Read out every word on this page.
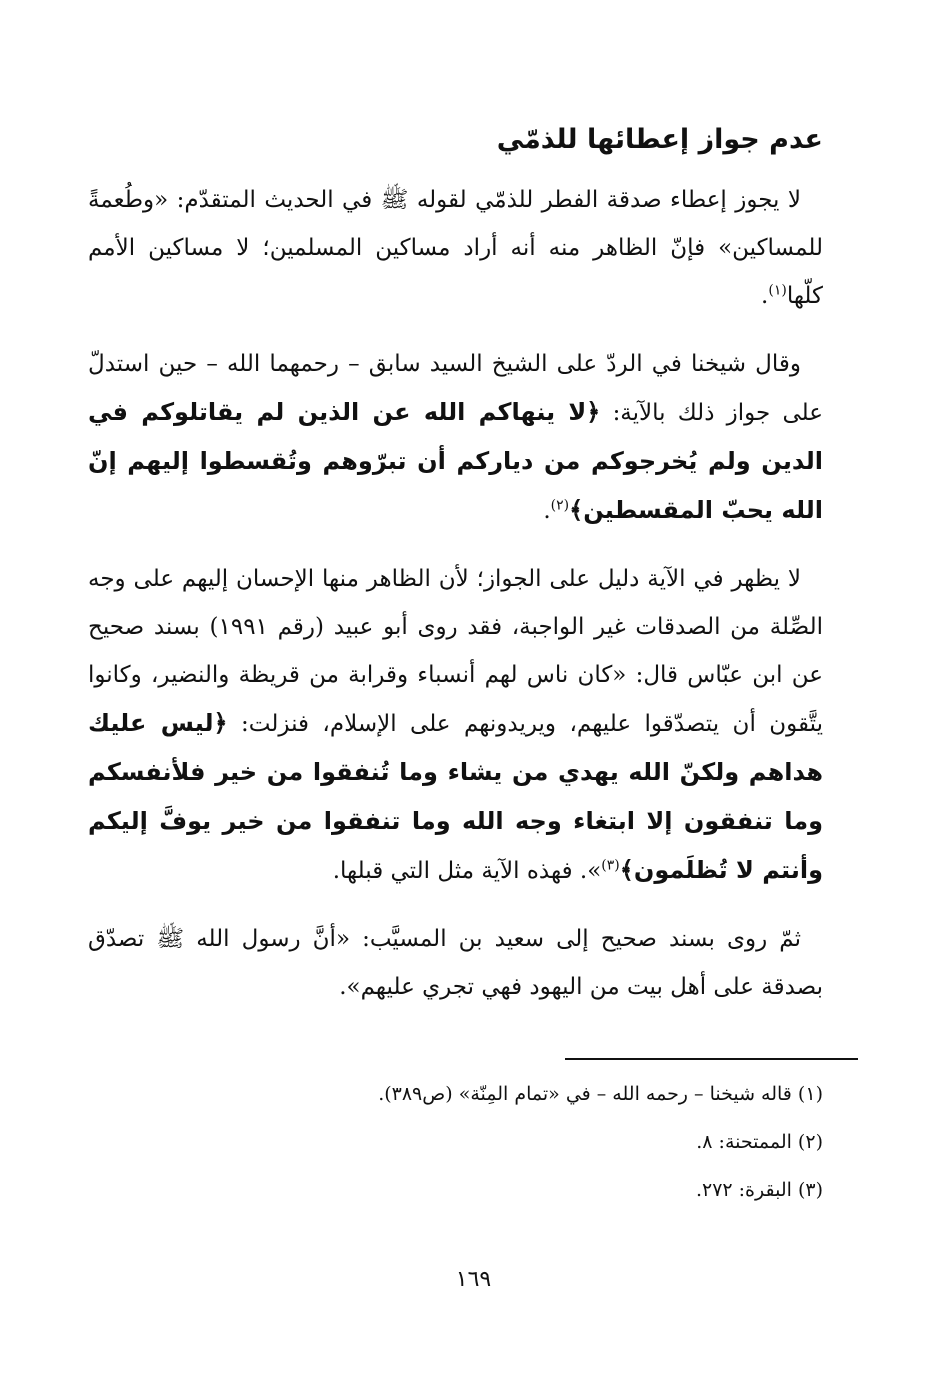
عدم جواز إعطائها للذمّي

لا يجوز إعطاء صدقة الفطر للذمّي لقوله ﷺ في الحديث المتقدّم: «وطُعمةً للمساكين» فإنّ الظاهر منه أنه أراد مساكين المسلمين؛ لا مساكين الأمم كلّها$^{(١)}$.

وقال شيخنا في الردّ على الشيخ السيد سابق – رحمهما الله – حين استدلّ على جواز ذلك بالآية: ﴿لا ينهاكم الله عن الذين لم يقاتلوكم في الدين ولم يُخرجوكم من دياركم أن تبرّوهم وتُقسطوا إليهم إنّ الله يحبّ المقسطين﴾$^{(٢)}$.

لا يظهر في الآية دليل على الجواز؛ لأن الظاهر منها الإحسان إليهم على وجه الصِّلة من الصدقات غير الواجبة، فقد روى أبو عبيد (رقم ١٩٩١) بسند صحيح عن ابن عبّاس قال: «كان ناس لهم أنسباء وقرابة من قريظة والنضير، وكانوا يتَّقون أن يتصدّقوا عليهم، ويريدونهم على الإسلام، فنزلت: ﴿ليس عليك هداهم ولكنّ الله يهدي من يشاء وما تُنفقوا من خير فلأنفسكم وما تنفقون إلا ابتغاء وجه الله وما تنفقوا من خير يوفَّ إليكم وأنتم لا تُظلَمون﴾$^{(٣)}$». فهذه الآية مثل التي قبلها.

ثمّ روى بسند صحيح إلى سعيد بن المسيَّب: «أنَّ رسول الله ﷺ تصدّق بصدقة على أهل بيت من اليهود فهي تجري عليهم».

(١) قاله شيخنا – رحمه الله – في «تمام المِنّة» (ص٣٨٩).

(٢) الممتحنة: ٨.

(٣) البقرة: ٢٧٢.

١٦٩
